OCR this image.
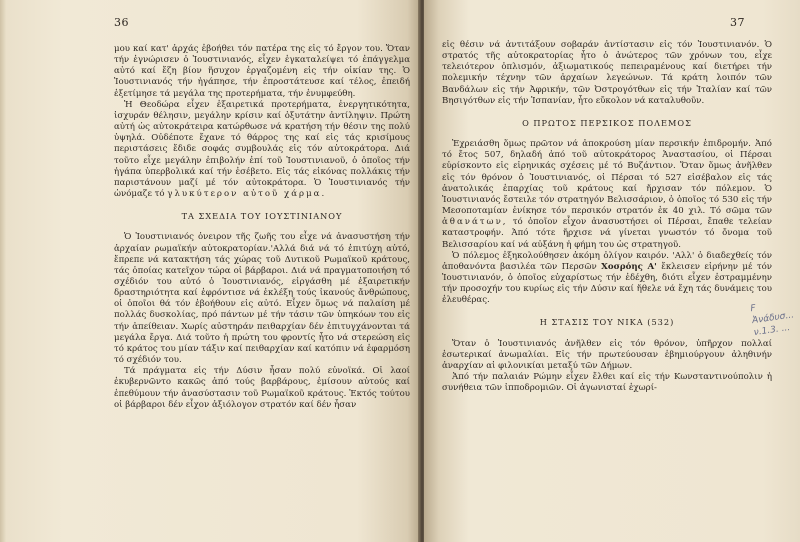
36

μου καί κατ' ἀρχάς ἐβοήθει τόν πατέρα της εἰς τό ἔργον του. Ὅταν τήν ἐγνώρισεν ὁ Ἰουστινιανός, εἶχεν ἐγκαταλείψει τό ἐπάγγελμα αὐτό καί ἔζη βίον ἥσυχον ἐργαζομένη εἰς τήν οἰκίαν της. Ὁ Ἰουστινιανός τήν ἠγάπησε, τήν ἐπροστάτευσε καί τέλος, ἐπειδή ἐξετίμησε τά μεγάλα της προτερήματα, τήν ἐνυμφεύθη.

Ἡ Θεοδώρα εἶχεν ἐξαιρετικά προτερήματα, ἐνεργητικότητα, ἰσχυράν θέλησιν, μεγάλην κρίσιν καί ὀξυτάτην ἀντίληψιν. Πρώτη αὐτή ὡς αὐτοκράτειρα κατώρθωσε νά κρατήση τήν θέσιν της πολύ ὑψηλά. Οὐδέποτε ἔχανε τό θάρρος της καί εἰς τάς κρισίμους περιστάσεις ἔδιδε σοφάς συμβουλάς εἰς τόν αὐτοκράτορα. Διά τοῦτο εἶχε μεγάλην ἐπιβολήν ἐπί τοῦ Ἰουστινιανοῦ, ὁ ὁποῖος τήν ἠγάπα ὑπερβολικά καί τήν ἐσέβετο. Εἰς τάς εἰκόνας πολλάκις τήν παριστάνουν μαζί μέ τόν αὐτοκράτορα. Ὁ Ἰουστινιανός τήν ὠνόμαζε τό γλυκύτερον αὐτοῦ χάρμα.

ΤΑ ΣΧΕΔΙΑ ΤΟΥ ΙΟΥΣΤΙΝΙΑΝΟΥ

Ὁ Ἰουστινιανός ὀνειρον τῆς ζωῆς του εἶχε νά ἀνασυστήση τήν ἀρχαίαν ρωμαϊκήν αὐτοκρατορίαν.'Αλλά διά νά τό ἐπιτύχη αὐτό, ἔπρεπε νά κατακτήση τάς χώρας τοῦ Δυτικοῦ Ρωμαϊκοῦ κράτους, τάς ὁποίας κατεῖχον τώρα οἱ βάρβαροι. Διά νά πραγματοποιήση τό σχέδιόν του αὐτό ὁ Ἰουστινιανός, εἰργάσθη μέ ἐξαιρετικήν δραστηριότητα καί ἐφρόντισε νά ἐκλέξη τούς ἱκανούς ἄνθρώπους, οἱ ὁποῖοι θά τόν ἐβοήθουν εἰς αὐτό. Εἶχεν ὅμως νά παλαίση μέ πολλάς δυσκολίας, πρό πάντων μέ τήν τάσιν τῶν ὑπηκόων του εἰς τήν ἀπείθειαν. Χωρίς αὐστηράν πειθαρχίαν δέν ἐπιτυγχάνονται τά μεγάλα ἔργα. Διά τοῦτο ἡ πρώτη του φροντίς ἦτο νά στερεώση εἰς τό κράτος του μίαν τάξιν καί πειθαρχίαν καί κατόπιν νά ἐφαρμόση τό σχέδιόν του.

Τά πράγματα εἰς τήν Δύσιν ἦσαν πολύ εὐνοϊκά. Οἱ λαοί ἐκυβερνῶντο κακῶς ἀπό τούς βαρβάρους, ἐμίσουν αὐτούς καί ἐπεθύμουν τήν ἀνασύστασιν τοῦ Ρωμαϊκοῦ κράτους. Ἐκτός τούτου οἱ βάρβαροι δέν εἶχον ἀξιόλογον στρατόν καί δέν ἦσαν

37

εἰς θέσιν νά ἀντιτάξουν σοβαράν ἀντίστασιν εἰς τόν Ἰουστινιανόν. Ὁ στρατός τῆς αὐτοκρατορίας ἦτο ὁ ἀνώτερος τῶν χρόνων του, εἶχε τελειότερον ὁπλισμόν, ἀξιωματικούς πεπειραμένους καί διετήρει τήν πολεμικήν τέχνην τῶν ἀρχαίων λεγεώνων. Τά κράτη λοιπόν τῶν Βανδάλων εἰς τήν Ἀφρικήν, τῶν Ὀστρογότθων εἰς τήν Ἰταλίαν καί τῶν Βησιγότθων εἰς τήν Ἱσπανίαν, ἦτο εὔκολον νά καταλυθοῦν.

Ο ΠΡΩΤΟΣ ΠΕΡΣΙΚΟΣ ΠΟΛΕΜΟΣ

Ἐχρειάσθη ὅμως πρῶτον νά ἀποκρούση μίαν περσικήν ἐπιδρομήν. Ἀπό τό ἔτος 507, δηλαδή ἀπό τοῦ αὐτοκράτορος Ἀναστασίου, οἱ Πέρσαι εὑρίσκοντο εἰς εἰρηνικάς σχέσεις μέ τό Βυζάντιον. Ὅταν ὅμως ἀνῆλθεν εἰς τόν θρόνον ὁ Ἰουστινιανός, οἱ Πέρσαι τό 527 εἰσέβαλον εἰς τάς ἀνατολικάς ἐπαρχίας τοῦ κράτους καί ἤρχισαν τόν πόλεμον. Ὁ Ἰουστινιανός ἔστειλε τόν στρατηγόν Βελισσάριον, ὁ ὁποῖος τό 530 εἰς τήν Μεσοποταμίαν ἐνίκησε τόν περσικόν στρατόν ἐκ 40 χιλ. Τό σῶμα τῶν ἀθανάτων, τό ὁποῖον εἶχον ἀνασυστήσει οἱ Πέρσαι, ἔπαθε τελείαν καταστροφήν. Ἀπό τότε ἤρχισε νά γίνεται γνωστόν τό ὄνομα τοῦ Βελισσαρίου καί νά αὐξάνη ἡ φήμη του ὡς στρατηγοῦ.

Ὁ πόλεμος ἐξηκολούθησεν ἀκόμη ὀλίγον καιρόν. 'Αλλ' ὁ διαδεχθείς τόν ἀποθανόντα βασιλέα τῶν Περσῶν Χοσρόης Α' ἔκλεισεν εἰρήνην μέ τόν Ἰουστινιανόν, ὁ ὁποῖος εὐχαρίστως τήν ἐδέχθη, διότι εἶχεν ἐστραμμένην τήν προσοχήν του κυρίως εἰς τήν Δύσιν καί ἤθελε νά ἔχη τάς δυνάμεις του ἐλευθέρας.

Η ΣΤΑΣΙΣ ΤΟΥ ΝΙΚΑ (532)

Ὅταν ὁ Ἰουστινιανός ἀνῆλθεν εἰς τόν θρόνον, ὑπῆρχον πολλαί ἐσωτερικαί ἀνωμαλίαι. Εἰς τήν πρωτεύουσαν ἐβημιούργουν ἀληθινήν ἀναρχίαν αἱ φιλονικίαι μεταξύ τῶν Δήμων.

Ἀπό τήν παλαιάν Ρώμην εἶχεν ἔλθει καί εἰς τήν Κωνσταντινούπολιν ἡ συνήθεια τῶν ἱπποδρομιῶν. Οἱ ἀγωνισταί ἐχωρί-

F Ἀνάδυσ... ν.1.3. ...
